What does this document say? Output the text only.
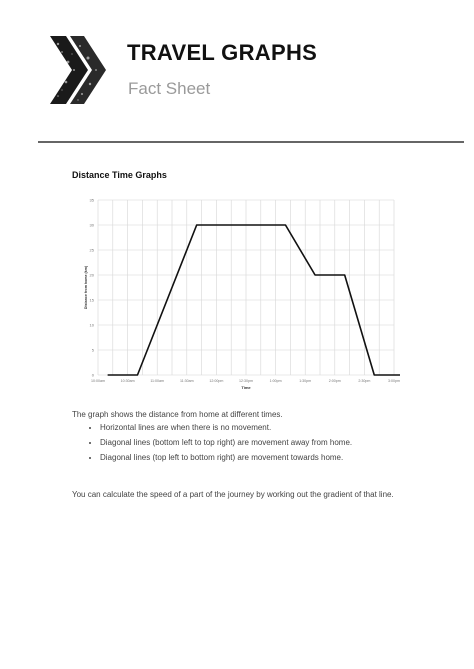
TRAVEL GRAPHS
Fact Sheet
Distance Time Graphs
0
5
10
15
20
25
30
35
10:00am	10:30am	11:00am	11:30am	12:00pm	12:30pm	1:00pm	1:30pm	2:00pm	2:30pm	3:00pm
Time
Distance from home (km)
The graph shows the distance from home at different times.
• Horizontal lines are when there is no movement.
• Diagonal lines (bottom left to top right) are movement away from home.
• Diagonal lines (top left to bottom right) are movement towards home.
You can calculate the speed of a part of the journey by working out the gradient of that line.
